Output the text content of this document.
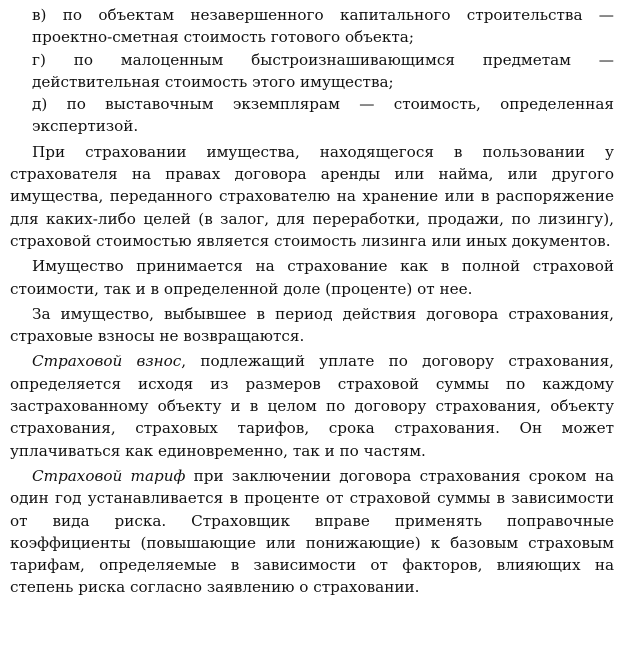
в) по объектам незавершенного капитального строительства — проектно-сметная стоимость готового объекта;

г) по малоценным быстроизнашивающимся предметам — действительная стоимость этого имущества;

д) по выставочным экземплярам — стоимость, определенная экспертизой.

При страховании имущества, находящегося в пользовании у страхователя на правах договора аренды или найма, или другого имущества, переданного страхователю на хранение или в распоряжение для каких-либо целей (в залог, для переработки, продажи, по лизингу), страховой стоимостью является стоимость лизинга или иных документов.

Имущество принимается на страхование как в полной страховой стоимости, так и в определенной доле (проценте) от нее.

За имущество, выбывшее в период действия договора страхования, страховые взносы не возвращаются.

Страховой взнос, подлежащий уплате по договору страхования, определяется исходя из размеров страховой суммы по каждому застрахованному объекту и в целом по договору страхования, объекту страхования, страховых тарифов, срока страхования. Он может уплачиваться как единовременно, так и по частям.

Страховой тариф при заключении договора страхования сроком на один год устанавливается в проценте от страховой суммы в зависимости от вида риска. Страховщик вправе применять поправочные коэффициенты (повышающие или понижающие) к базовым страховым тарифам, определяемые в зависимости от факторов, влияющих на степень риска согласно заявлению о страховании.
